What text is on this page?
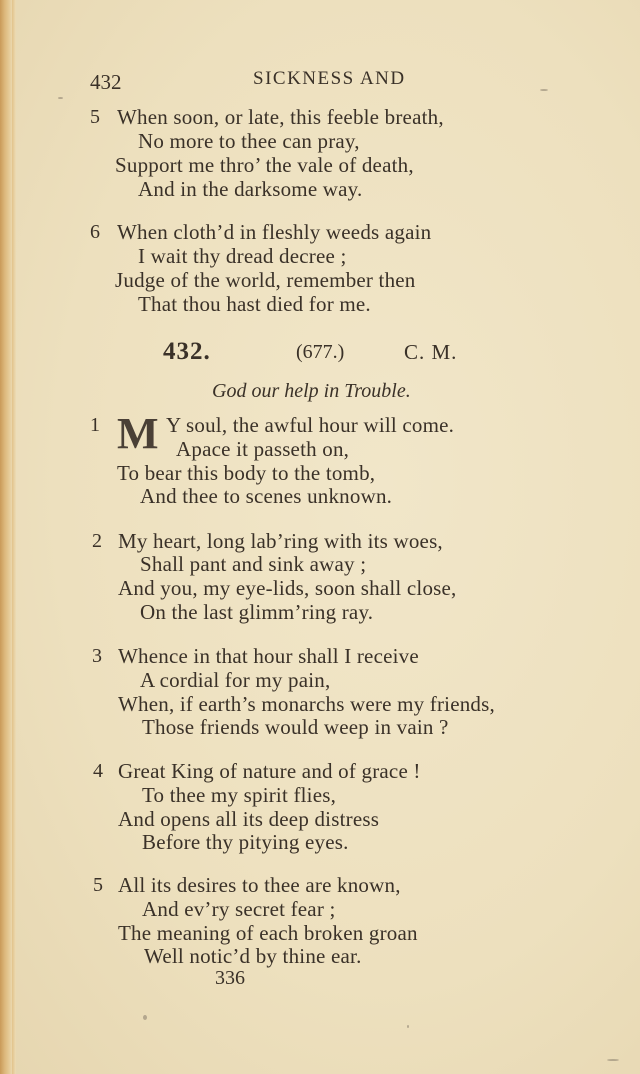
432	SICKNESS AND
5 When soon, or late, this feeble breath,
No more to thee can pray,
Support me thro’ the vale of death,
And in the darksome way.
6 When cloth’d in fleshly weeds again
I wait thy dread decree ;
Judge of the world, remember then
That thou hast died for me.
432.	(677.)	C. M.
God our help in Trouble.
1 M Y soul, the awful hour will come.
Apace it passeth on,
To bear this body to the tomb,
And thee to scenes unknown.
2 My heart, long lab’ring with its woes,
Shall pant and sink away ;
And you, my eye-lids, soon shall close,
On the last glimm’ring ray.
3 Whence in that hour shall I receive
A cordial for my pain,
When, if earth’s monarchs were my friends,
Those friends would weep in vain ?
4 Great King of nature and of grace !
To thee my spirit flies,
And opens all its deep distress
Before thy pitying eyes.
5 All its desires to thee are known,
And ev’ry secret fear ;
The meaning of each broken groan
Well notic’d by thine ear.
336
